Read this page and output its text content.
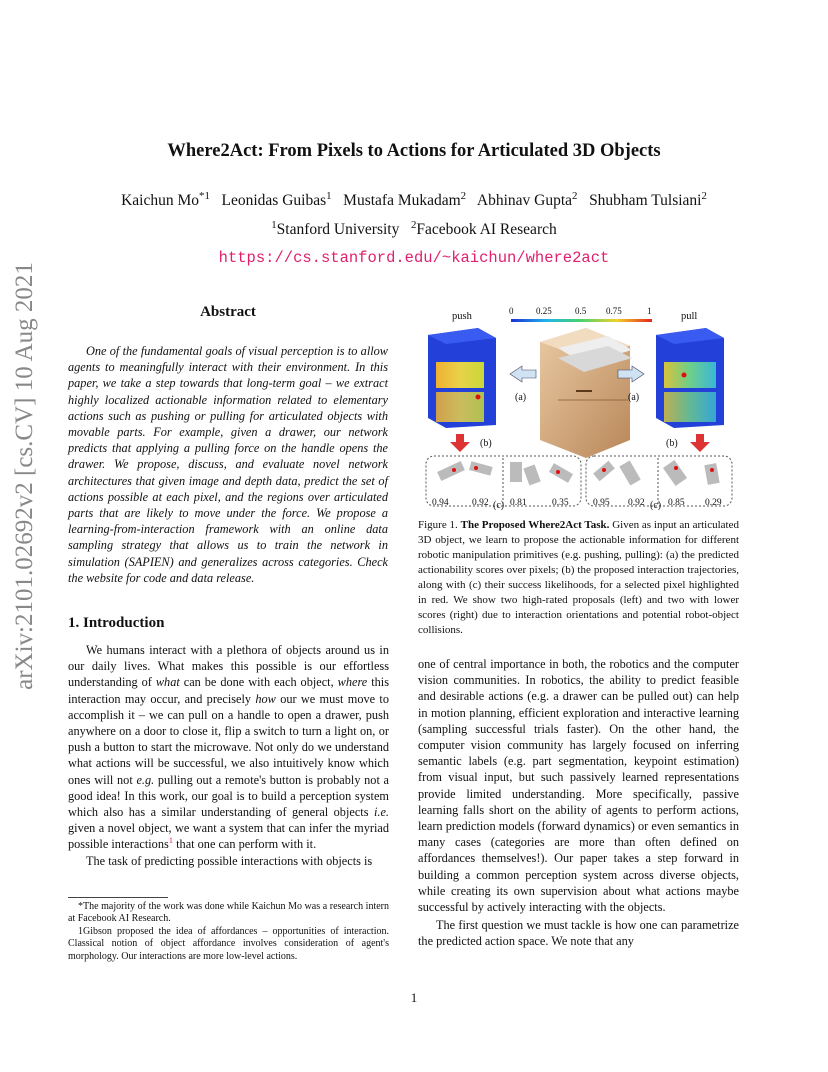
arXiv:2101.02692v2 [cs.CV] 10 Aug 2021
Where2Act: From Pixels to Actions for Articulated 3D Objects
Kaichun Mo$^{*1}$ Leonidas Guibas$^1$ Mustafa Mukadam$^2$ Abhinav Gupta$^2$ Shubham Tulsiani$^2$
$^1$Stanford University $^2$Facebook AI Research
https://cs.stanford.edu/~kaichun/where2act
Abstract
One of the fundamental goals of visual perception is to allow agents to meaningfully interact with their environment. In this paper, we take a step towards that long-term goal – we extract highly localized actionable information related to elementary actions such as pushing or pulling for articulated objects with movable parts. For example, given a drawer, our network predicts that applying a pulling force on the handle opens the drawer. We propose, discuss, and evaluate novel network architectures that given image and depth data, predict the set of actions possible at each pixel, and the regions over articulated parts that are likely to move under the force. We propose a learning-from-interaction framework with an online data sampling strategy that allows us to train the network in simulation (SAPIEN) and generalizes across categories. Check the website for code and data release.
1. Introduction

We humans interact with a plethora of objects around us in our daily lives. What makes this possible is our effortless understanding of what can be done with each object, where this interaction may occur, and precisely how our we must move to accomplish it – we can pull on a handle to open a drawer, push anywhere on a door to close it, flip a switch to turn a light on, or push a button to start the microwave. Not only do we understand what actions will be successful, we also intuitively know which ones will not e.g. pulling out a remote's button is probably not a good idea! In this work, our goal is to build a perception system which also has a similar understanding of general objects i.e. given a novel object, we want a system that can infer the myriad possible interactions$^1$ that one can perform with it.

The task of predicting possible interactions with objects is

*The majority of the work was done while Kaichun Mo was a research intern at Facebook AI Research.

1Gibson proposed the idea of affordances – opportunities of interaction. Classical notion of object affordance involves consideration of agent's morphology. Our interactions are more low-level actions.

push	pull
0	0.25	0.5 0.75	1
(a)	(a)
(b)	(b)
0.94 0.92 (c) 0.81	0.35	0.95 0.92 (c) 0.85 0.29
Figure 1. The Proposed Where2Act Task. Given as input an articulated 3D object, we learn to propose the actionable information for different robotic manipulation primitives (e.g. pushing, pulling): (a) the predicted actionability scores over pixels; (b) the proposed interaction trajectories, along with (c) their success likelihoods, for a selected pixel highlighted in red. We show two high-rated proposals (left) and two with lower scores (right) due to interaction orientations and potential robot-object collisions.

one of central importance in both, the robotics and the computer vision communities. In robotics, the ability to predict feasible and desirable actions (e.g. a drawer can be pulled out) can help in motion planning, efficient exploration and interactive learning (sampling successful trials faster). On the other hand, the computer vision community has largely focused on inferring semantic labels (e.g. part segmentation, keypoint estimation) from visual input, but such passively learned representations provide limited understanding. More specifically, passive learning falls short on the ability of agents to perform actions, learn prediction models (forward dynamics) or even semantics in many cases (categories are more than often defined on affordances themselves!). Our paper takes a step forward in building a common perception system across diverse objects, while creating its own supervision about what actions maybe successful by actively interacting with the objects.

The first question we must tackle is how one can parametrize the predicted action space. We note that any

1
